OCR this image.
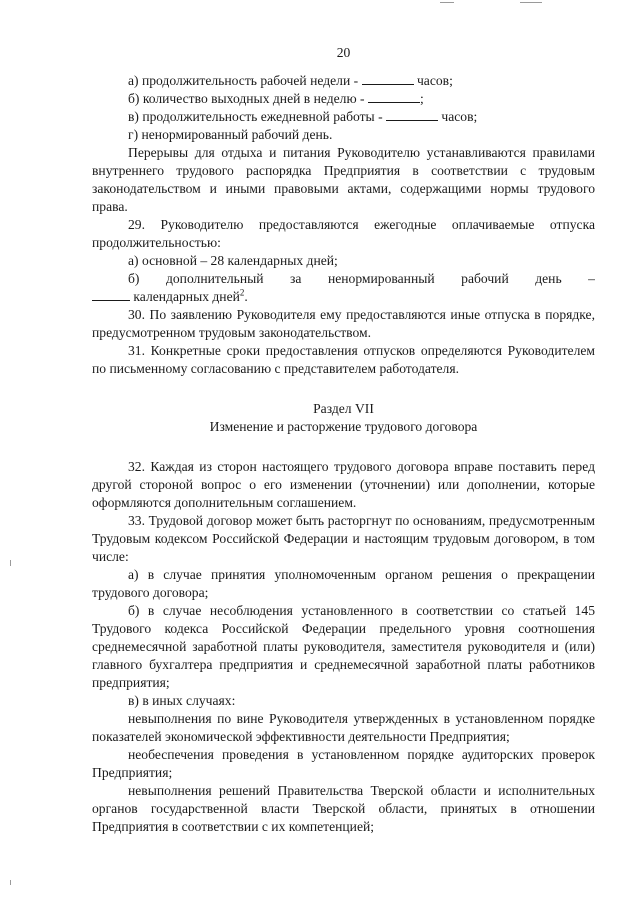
20

а) продолжительность рабочей недели -	часов;

б) количество выходных дней в неделю -	;

в) продолжительность ежедневной работы -	часов;

г) ненормированный рабочий день.

Перерывы для отдыха и питания Руководителю устанавливаются правилами внутреннего трудового распорядка Предприятия в соответствии с трудовым законодательством и иными правовыми актами, содержащими нормы трудового права.

29. Руководителю предоставляются ежегодные оплачиваемые отпуска продолжительностью:

а) основной – 28 календарных дней;

б) дополнительный за ненормированный рабочий день –

календарных дней$^2$.

30. По заявлению Руководителя ему предоставляются иные отпуска в порядке, предусмотренном трудовым законодательством.

31. Конкретные сроки предоставления отпусков определяются Руководителем по письменному согласованию с представителем работодателя.

Раздел VII

Изменение и расторжение трудового договора

32. Каждая из сторон настоящего трудового договора вправе поставить перед другой стороной вопрос о его изменении (уточнении) или дополнении, которые оформляются дополнительным соглашением.

33. Трудовой договор может быть расторгнут по основаниям, предусмотренным Трудовым кодексом Российской Федерации и настоящим трудовым договором, в том числе:

а) в случае принятия уполномоченным органом решения о прекращении трудового договора;

б) в случае несоблюдения установленного в соответствии со статьей 145 Трудового кодекса Российской Федерации предельного уровня соотношения среднемесячной заработной платы руководителя, заместителя руководителя и (или) главного бухгалтера предприятия и среднемесячной заработной платы работников предприятия;

в) в иных случаях:

невыполнения по вине Руководителя утвержденных в установленном порядке показателей экономической эффективности деятельности Предприятия;

необеспечения проведения в установленном порядке аудиторских проверок Предприятия;

невыполнения решений Правительства Тверской области и исполнительных органов государственной власти Тверской области, принятых в отношении Предприятия в соответствии с их компетенцией;
